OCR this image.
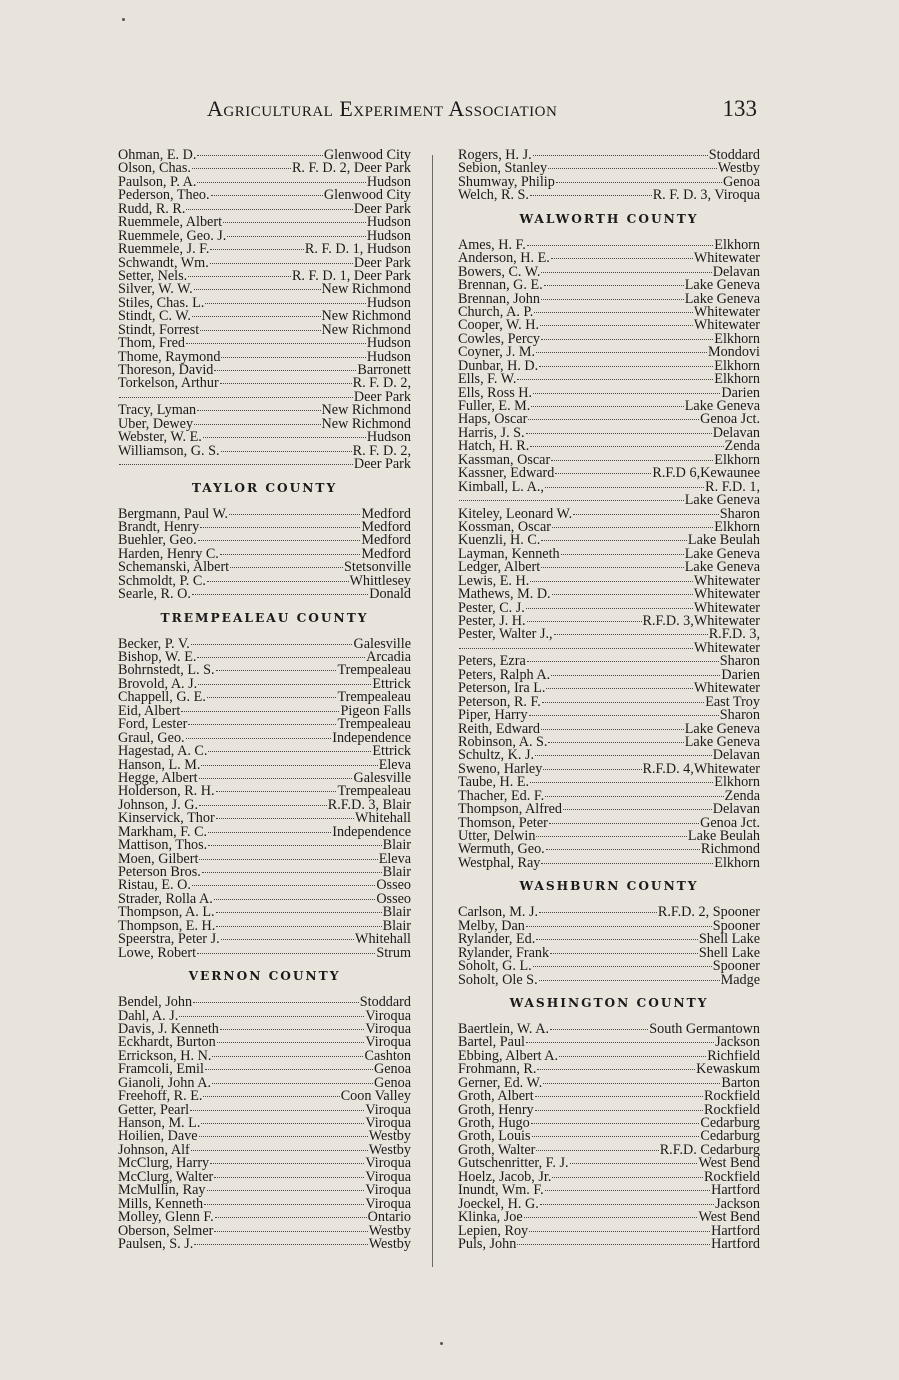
Agricultural Experiment Association	133
Ohman, E. D.	Glenwood City
Olson, Chas.	R. F. D. 2, Deer Park
Paulson, P. A.	Hudson
Pederson, Theo.	Glenwood City
Rudd, R. R.	Deer Park
Ruemmele, Albert	Hudson
Ruemmele, Geo. J.	Hudson
Ruemmele, J. F.	R. F. D. 1, Hudson
Schwandt, Wm.	Deer Park
Setter, Nels.	R. F. D. 1, Deer Park
Silver, W. W.	New Richmond
Stiles, Chas. L.	Hudson
Stindt, C. W.	New Richmond
Stindt, Forrest	New Richmond
Thom, Fred	Hudson
Thome, Raymond	Hudson
Thoreson, David	Barronett
Torkelson, Arthur	R. F. D. 2,
Deer Park
Tracy, Lyman	New Richmond
Uber, Dewey	New Richmond
Webster, W. E.	Hudson
Williamson, G. S.	R. F. D. 2,
Deer Park
TAYLOR COUNTY
Bergmann, Paul W.	Medford
Brandt, Henry	Medford
Buehler, Geo.	Medford
Harden, Henry C.	Medford
Schemanski, Albert	Stetsonville
Schmoldt, P. C.	Whittlesey
Searle, R. O.	Donald
TREMPEALEAU COUNTY
Becker, P. V.	Galesville
Bishop, W. E.	Arcadia
Bohrnstedt, L. S.	Trempealeau
Brovold, A. J.	Ettrick
Chappell, G. E.	Trempealeau
Eid, Albert	Pigeon Falls
Ford, Lester	Trempealeau
Graul, Geo.	Independence
Hagestad, A. C.	Ettrick
Hanson, L. M.	Eleva
Hegge, Albert	Galesville
Holderson, R. H.	Trempealeau
Johnson, J. G.	R.F.D. 3, Blair
Kinservick, Thor	Whitehall
Markham, F. C.	Independence
Mattison, Thos.	Blair
Moen, Gilbert	Eleva
Peterson Bros.	Blair
Ristau, E. O.	Osseo
Strader, Rolla A.	Osseo
Thompson, A. L.	Blair
Thompson, E. H.	Blair
Speerstra, Peter J.	Whitehall
Lowe, Robert	Strum
VERNON COUNTY
Bendel, John	Stoddard
Dahl, A. J.	Viroqua
Davis, J. Kenneth	Viroqua
Eckhardt, Burton	Viroqua
Errickson, H. N.	Cashton
Framcoli, Emil	Genoa
Gianoli, John A.	Genoa
Freehoff, R. E.	Coon Valley
Getter, Pearl	Viroqua
Hanson, M. L.	Viroqua
Hoilien, Dave	Westby
Johnson, Alf	Westby
McClurg, Harry	Viroqua
McClurg, Walter	Viroqua
McMullin, Ray	Viroqua
Mills, Kenneth	Viroqua
Molley, Glenn F.	Ontario
Oberson, Selmer	Westby
Paulsen, S. J.	Westby
Rogers, H. J.	Stoddard
Sebion, Stanley	Westby
Shumway, Philip	Genoa
Welch, R. S.	R. F. D. 3, Viroqua
WALWORTH COUNTY
Ames, H. F.	Elkhorn
Anderson, H. E.	Whitewater
Bowers, C. W.	Delavan
Brennan, G. E.	Lake Geneva
Brennan, John	Lake Geneva
Church, A. P.	Whitewater
Cooper, W. H.	Whitewater
Cowles, Percy	Elkhorn
Coyner, J. M.	Mondovi
Dunbar, H. D.	Elkhorn
Ells, F. W.	Elkhorn
Ells, Ross H.	Darien
Fuller, E. M.	Lake Geneva
Haps, Oscar	Genoa Jct.
Harris, J. S.	Delavan
Hatch, H. R.	Zenda
Kassman, Oscar	Elkhorn
Kassner, Edward	R.F.D 6,Kewaunee
Kimball, L. A.,	R. F.D. 1,
Lake Geneva
Kiteley, Leonard W.	Sharon
Kossman, Oscar	Elkhorn
Kuenzli, H. C.	Lake Beulah
Layman, Kenneth	Lake Geneva
Ledger, Albert	Lake Geneva
Lewis, E. H.	Whitewater
Mathews, M. D.	Whitewater
Pester, C. J.	Whitewater
Pester, J. H.	R.F.D. 3,Whitewater
Pester, Walter J.,	R.F.D. 3,
Whitewater
Peters, Ezra	Sharon
Peters, Ralph A.	Darien
Peterson, Ira L.	Whitewater
Peterson, R. F.	East Troy
Piper, Harry	Sharon
Reith, Edward	Lake Geneva
Robinson, A. S.	Lake Geneva
Schultz, K. J.	Delavan
Sweno, Harley	R.F.D. 4,Whitewater
Taube, H. E.	Elkhorn
Thacher, Ed. F.	Zenda
Thompson, Alfred	Delavan
Thomson, Peter	Genoa Jct.
Utter, Delwin	Lake Beulah
Wermuth, Geo.	Richmond
Westphal, Ray	Elkhorn
WASHBURN COUNTY
Carlson, M. J.	R.F.D. 2, Spooner
Melby, Dan	Spooner
Rylander, Ed.	Shell Lake
Rylander, Frank	Shell Lake
Soholt, G. L.	Spooner
Soholt, Ole S.	Madge
WASHINGTON COUNTY
Baertlein, W. A.	South Germantown
Bartel, Paul	Jackson
Ebbing, Albert A.	Richfield
Frohmann, R.	Kewaskum
Gerner, Ed. W.	Barton
Groth, Albert	Rockfield
Groth, Henry	Rockfield
Groth, Hugo	Cedarburg
Groth, Louis	Cedarburg
Groth, Walter	R.F.D. Cedarburg
Gutschenritter, F. J.	West Bend
Hoelz, Jacob, Jr.	Rockfield
Inundt, Wm. F.	Hartford
Joeckel, H. G.	Jackson
Klinka, Joe	West Bend
Lepien, Roy	Hartford
Puls, John	Hartford
